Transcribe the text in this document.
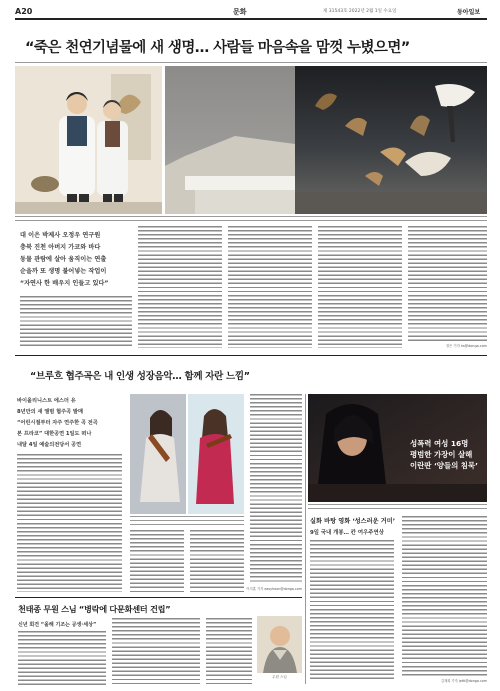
A20	문화	제 31543호 2022년 2월 1일 수요일	동아일보
“죽은 천연기념물에 새 생명… 사람들 마음속을 맘껏 누볐으면”
대 이은 박제사 오정우 연구원
충북 진천 아버지 가코와 바다
동물 관람에 살아 움직이는 연출
순을까 또 생명 불어넣는 작업이
“자연사 한 배우지 인들고 있다”
정은 기자 ks@donga.com
“브루흐 협주곡은 내 인생 성장음악… 함께 자란 느낌”
바이올리니스트 에스더 유
8년만의 새 앨범 협주곡 발매
“어린시절부터 자주 연주한 곡 전곡
본 프라코” 대한공연 1일도 떠나
내달 4일 예술의전당서 공연
이지훈 기자 easyhoon@donga.com
성폭력 여성 16명
평범한 가장이 살해
이란판 ‘양들의 침묵’
실화 바탕 영화 ‘성스러운 거미’
9일 국내 개봉… 칸 여우주연상
김재희 기자 jetti@donga.com
천태종 무원 스님 “병락에 다문화센터 건립”
신년 회견 “올해 기조는 공생·세상”
무원 스님
